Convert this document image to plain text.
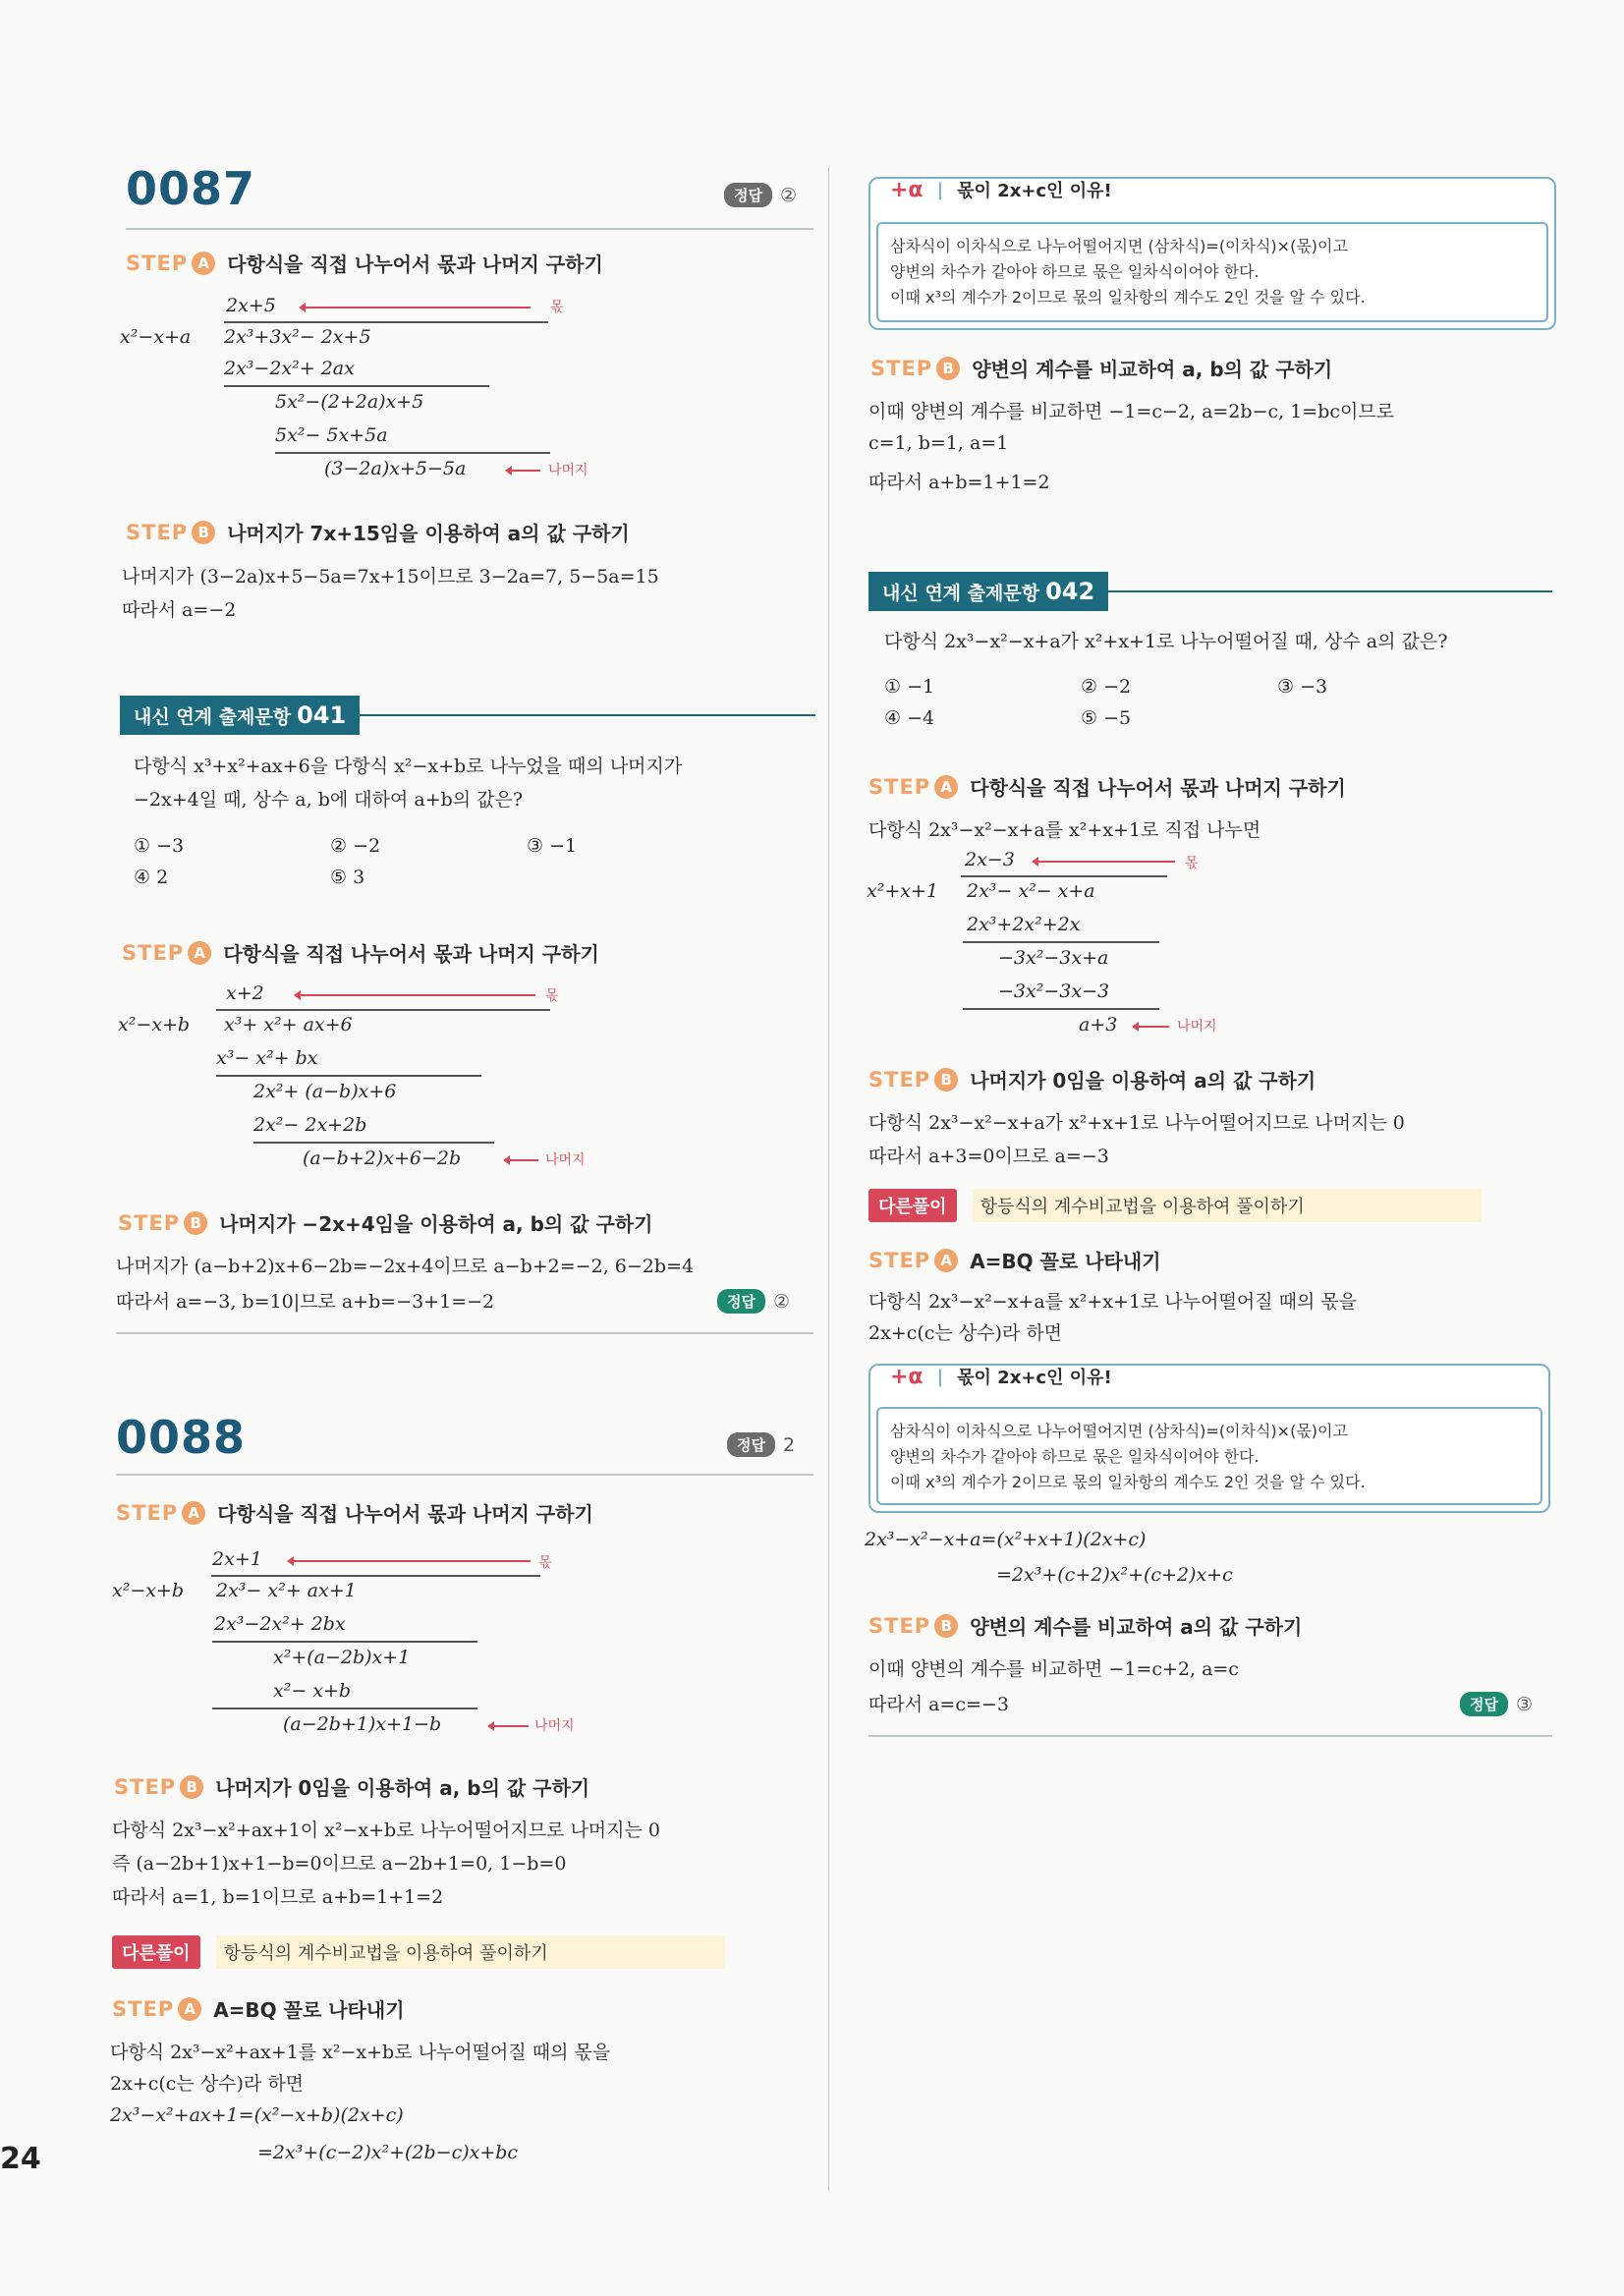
0087	정답 ②
STEP A 다항식을 직접 나누어서 몫과 나머지 구하기
2x+5	몫
x²−x+a 2x³+3x²− 2x+5
2x³−2x²+ 2ax
5x²−(2+2a)x+5
5x²− 5x+5a
(3−2a)x+5−5a	나머지
STEP B 나머지가 7x+15임을 이용하여 a의 값 구하기
나머지가 (3−2a)x+5−5a=7x+15이므로 3−2a=7, 5−5a=15
따라서 a=−2
내신 연계 출제문항 041
다항식 x³+x²+ax+6을 다항식 x²−x+b로 나누었을 때의 나머지가
−2x+4일 때, 상수 a, b에 대하여 a+b의 값은?
① −3	② −2	③ −1
④ 2	⑤ 3
STEP A 다항식을 직접 나누어서 몫과 나머지 구하기
x+2	몫
x²−x+b x³+ x²+ ax+6
x³− x²+ bx
2x²+ (a−b)x+6
2x²− 2x+2b
(a−b+2)x+6−2b	나머지
STEP B 나머지가 −2x+4임을 이용하여 a, b의 값 구하기
나머지가 (a−b+2)x+6−2b=−2x+4이므로 a−b+2=−2, 6−2b=4
따라서 a=−3, b=10|므로 a+b=−3+1=−2	정답 ②
0088	정답 2
STEP A 다항식을 직접 나누어서 몫과 나머지 구하기
2x+1	몫
x²−x+b 2x³− x²+ ax+1
2x³−2x²+ 2bx
x²+(a−2b)x+1
x²− x+b
(a−2b+1)x+1−b	나머지
STEP B 나머지가 0임을 이용하여 a, b의 값 구하기
다항식 2x³−x²+ax+1이 x²−x+b로 나누어떨어지므로 나머지는 0
즉 (a−2b+1)x+1−b=0이므로 a−2b+1=0, 1−b=0
따라서 a=1, b=1이므로 a+b=1+1=2
다른풀이	항등식의 계수비교법을 이용하여 풀이하기
STEP A A=BQ 꼴로 나타내기
다항식 2x³−x²+ax+1를 x²−x+b로 나누어떨어질 때의 몫을
2x+c(c는 상수)라 하면
2x³−x²+ax+1=(x²−x+b)(2x+c)
=2x³+(c−2)x²+(2b−c)x+bc
+α | 몫이 2x+c인 이유!
삼차식이 이차식으로 나누어떨어지면 (삼차식)=(이차식)×(몫)이고
양변의 차수가 같아야 하므로 몫은 일차식이어야 한다.
이때 x³의 계수가 2이므로 몫의 일차항의 계수도 2인 것을 알 수 있다.
STEP B 양변의 계수를 비교하여 a, b의 값 구하기
이때 양변의 계수를 비교하면 −1=c−2, a=2b−c, 1=bc이므로
c=1, b=1, a=1
따라서 a+b=1+1=2
내신 연계 출제문항 042
다항식 2x³−x²−x+a가 x²+x+1로 나누어떨어질 때, 상수 a의 값은?
① −1	② −2	③ −3
④ −4	⑤ −5
STEP A 다항식을 직접 나누어서 몫과 나머지 구하기
다항식 2x³−x²−x+a를 x²+x+1로 직접 나누면
2x−3	몫
x²+x+1 2x³− x²− x+a
2x³+2x²+2x
−3x²−3x+a
−3x²−3x−3
a+3	나머지
STEP B 나머지가 0임을 이용하여 a의 값 구하기
다항식 2x³−x²−x+a가 x²+x+1로 나누어떨어지므로 나머지는 0
따라서 a+3=0이므로 a=−3
다른풀이	항등식의 계수비교법을 이용하여 풀이하기
STEP A A=BQ 꼴로 나타내기
다항식 2x³−x²−x+a를 x²+x+1로 나누어떨어질 때의 몫을
2x+c(c는 상수)라 하면
+α | 몫이 2x+c인 이유!
삼차식이 이차식으로 나누어떨어지면 (삼차식)=(이차식)×(몫)이고
양변의 차수가 같아야 하므로 몫은 일차식이어야 한다.
이때 x³의 계수가 2이므로 몫의 일차항의 계수도 2인 것을 알 수 있다.
2x³−x²−x+a=(x²+x+1)(2x+c)
=2x³+(c+2)x²+(c+2)x+c
STEP B 양변의 계수를 비교하여 a의 값 구하기
이때 양변의 계수를 비교하면 −1=c+2, a=c
따라서 a=c=−3	정답 ③
24
